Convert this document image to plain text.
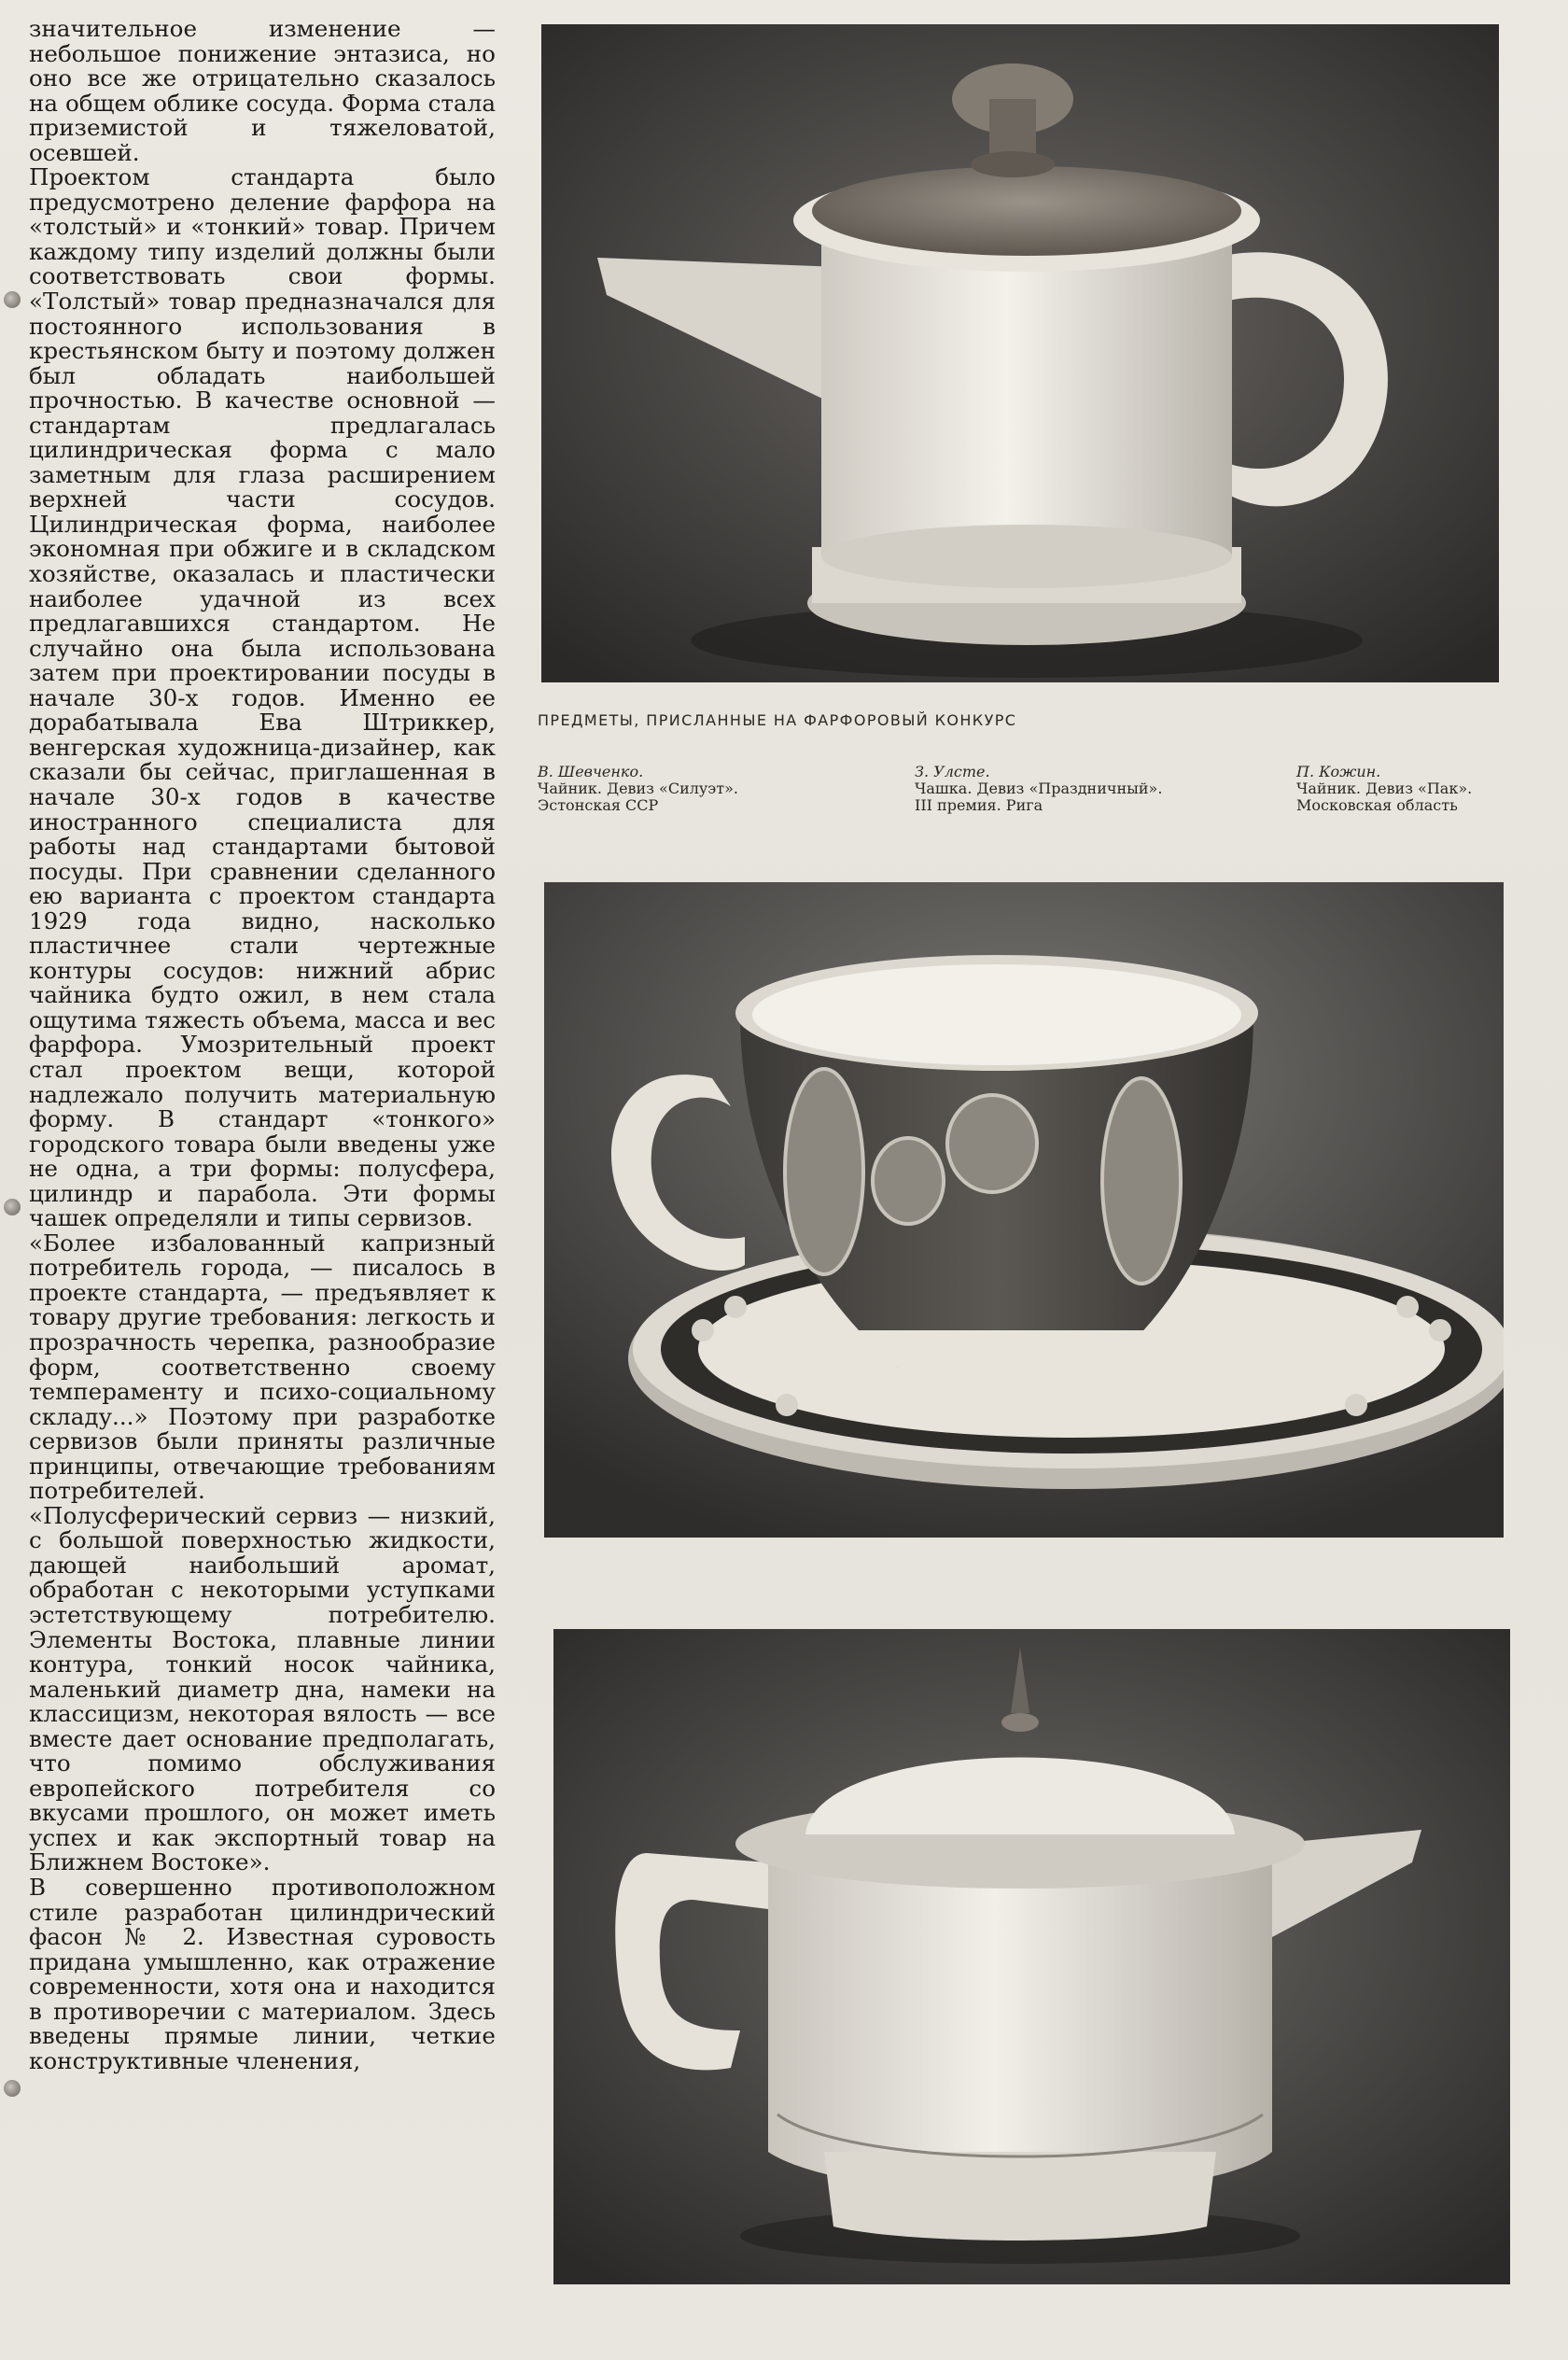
значительное изменение — небольшое понижение энтазиса, но оно все же отрицательно сказалось на общем облике сосуда. Форма стала приземистой и тяжеловатой, осевшей.

Проектом стандарта было предусмотрено деление фарфора на «толстый» и «тонкий» товар. Причем каждому типу изделий должны были соответствовать свои формы. «Толстый» товар предназначался для постоянного использования в крестьянском быту и поэтому должен был обладать наибольшей прочностью. В качестве основной — стандартам предлагалась цилиндрическая форма с мало заметным для глаза расширением верхней части сосудов. Цилиндрическая форма, наиболее экономная при обжиге и в складском хозяйстве, оказалась и пластически наиболее удачной из всех предлагавшихся стандартом. Не случайно она была использована затем при проектировании посуды в начале 30-х годов. Именно ее дорабатывала Ева Штриккер, венгерская художница-дизайнер, как сказали бы сейчас, приглашенная в начале 30-х годов в качестве иностранного специалиста для работы над стандартами бытовой посуды. При сравнении сделанного ею варианта с проектом стандарта 1929 года видно, насколько пластичнее стали чертежные контуры сосудов: нижний абрис чайника будто ожил, в нем стала ощутима тяжесть объема, масса и вес фарфора. Умозрительный проект стал проектом вещи, которой надлежало получить материальную форму. В стандарт «тонкого» городского товара были введены уже не одна, а три формы: полусфера, цилиндр и парабола. Эти формы чашек определяли и типы сервизов.

«Более избалованный капризный потребитель города, — писалось в проекте стандарта, — предъявляет к товару другие требования: легкость и прозрачность черепка, разнообразие форм, соответственно своему темпераменту и психо-социальному складу...» Поэтому при разработке сервизов были приняты различные принципы, отвечающие требованиям потребителей.

«Полусферический сервиз — низкий, с большой поверхностью жидкости, дающей наибольший аромат, обработан с некоторыми уступками эстетствующему потребителю. Элементы Востока, плавные линии контура, тонкий носок чайника, маленький диаметр дна, намеки на классицизм, некоторая вялость — все вместе дает основание предполагать, что помимо обслуживания европейского потребителя со вкусами прошлого, он может иметь успех и как экспортный товар на Ближнем Востоке».

В совершенно противоположном стиле разработан цилиндрический фасон № 2. Известная суровость придана умышленно, как отражение современности, хотя она и находится в противоречии с материалом. Здесь введены прямые линии, четкие конструктивные членения,

ПРЕДМЕТЫ, ПРИСЛАННЫЕ НА ФАРФОРОВЫЙ КОНКУРС
В. Шевченко.
Чайник. Девиз «Силуэт».
Эстонская ССР
З. Улсте.
Чашка. Девиз «Праздничный».
III премия. Рига
П. Кожин.
Чайник. Девиз «Пак».
Московская область
